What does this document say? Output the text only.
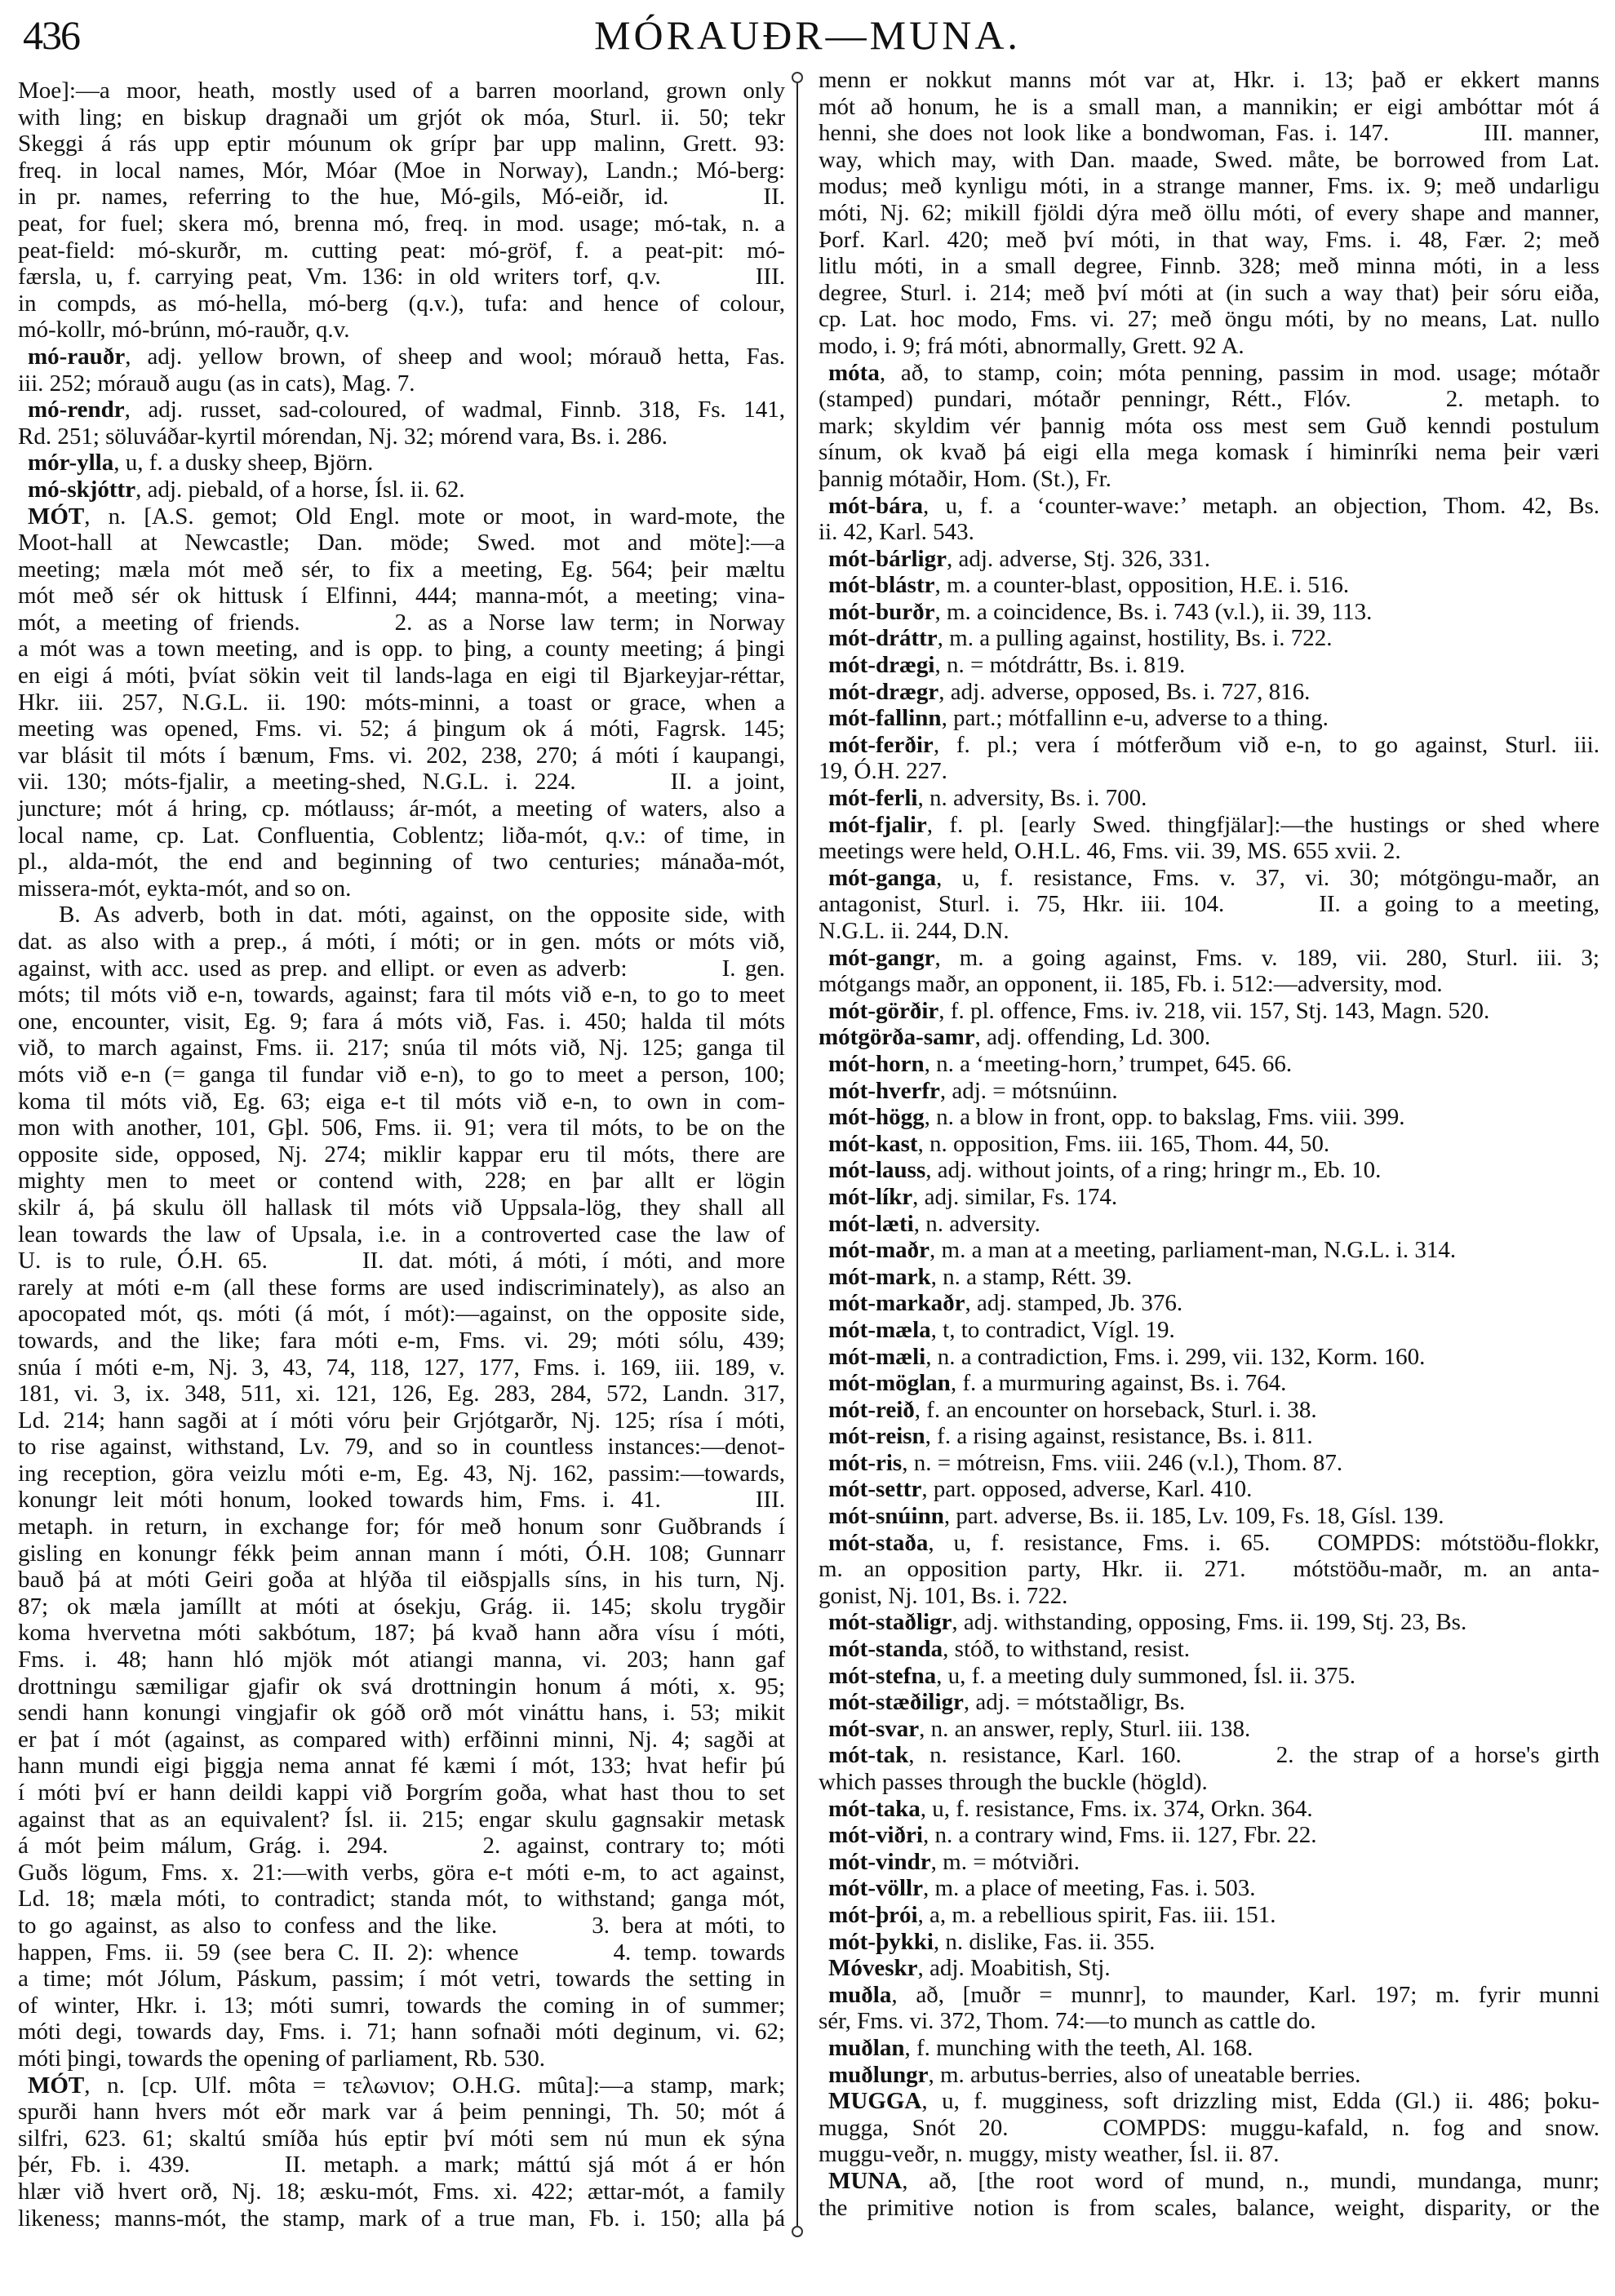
436	MÓRAUÐR—MUNA.
Moe]:—a moor, heath, mostly used of a barren moorland, grown only
with ling; en biskup dragnaði um grjót ok móa, Sturl. ii. 50; tekr
Skeggi á rás upp eptir móunum ok grípr þar upp malinn, Grett. 93:
freq. in local names, Mór, Móar (Moe in Norway), Landn.; Mó-berg:
in pr. names, referring to the hue, Mó-gils, Mó-eiðr, id.    II.
peat, for fuel; skera mó, brenna mó, freq. in mod. usage; mó-tak, n. a
peat-field: mó-skurðr, m. cutting peat: mó-gröf, f. a peat-pit: mó-
færsla, u, f. carrying peat, Vm. 136: in old writers torf, q.v.    III.
in compds, as mó-hella, mó-berg (q.v.), tufa: and hence of colour,
mó-kollr, mó-brúnn, mó-rauðr, q.v.
mó-rauðr, adj. yellow brown, of sheep and wool; mórauð hetta, Fas.
iii. 252; mórauð augu (as in cats), Mag. 7.
mó-rendr, adj. russet, sad-coloured, of wadmal, Finnb. 318, Fs. 141,
Rd. 251; söluváðar-kyrtil mórendan, Nj. 32; mórend vara, Bs. i. 286.
mór-ylla, u, f. a dusky sheep, Björn.
mó-skjóttr, adj. piebald, of a horse, Ísl. ii. 62.
MÓT, n. [A.S. gemot; Old Engl. mote or moot, in ward-mote, the
Moot-hall at Newcastle; Dan. möde; Swed. mot and möte]:—a
meeting; mæla mót með sér, to fix a meeting, Eg. 564; þeir mæltu
mót með sér ok hittusk í Elfinni, 444; manna-mót, a meeting; vina-
mót, a meeting of friends.    2. as a Norse law term; in Norway
a mót was a town meeting, and is opp. to þing, a county meeting; á þingi
en eigi á móti, þvíat sökin veit til lands-laga en eigi til Bjarkeyjar-réttar,
Hkr. iii. 257, N.G.L. ii. 190: móts-minni, a toast or grace, when a
meeting was opened, Fms. vi. 52; á þingum ok á móti, Fagrsk. 145;
var blásit til móts í bænum, Fms. vi. 202, 238, 270; á móti í kaupangi,
vii. 130; móts-fjalir, a meeting-shed, N.G.L. i. 224.    II. a joint,
juncture; mót á hring, cp. mótlauss; ár-mót, a meeting of waters, also a
local name, cp. Lat. Confluentia, Coblentz; liða-mót, q.v.: of time, in
pl., alda-mót, the end and beginning of two centuries; mánaða-mót,
missera-mót, eykta-mót, and so on.
B. As adverb, both in dat. móti, against, on the opposite side, with
dat. as also with a prep., á móti, í móti; or in gen. móts or móts við,
against, with acc. used as prep. and ellipt. or even as adverb:    I. gen.
móts; til móts við e-n, towards, against; fara til móts við e-n, to go to meet
one, encounter, visit, Eg. 9; fara á móts við, Fas. i. 450; halda til móts
við, to march against, Fms. ii. 217; snúa til móts við, Nj. 125; ganga til
móts við e-n (= ganga til fundar við e-n), to go to meet a person, 100;
koma til móts við, Eg. 63; eiga e-t til móts við e-n, to own in com-
mon with another, 101, Gþl. 506, Fms. ii. 91; vera til móts, to be on the
opposite side, opposed, Nj. 274; miklir kappar eru til móts, there are
mighty men to meet or contend with, 228; en þar allt er lögin
skilr á, þá skulu öll hallask til móts við Uppsala-lög, they shall all
lean towards the law of Upsala, i.e. in a controverted case the law of
U. is to rule, Ó.H. 65.    II. dat. móti, á móti, í móti, and more
rarely at móti e-m (all these forms are used indiscriminately), as also an
apocopated mót, qs. móti (á mót, í mót):—against, on the opposite side,
towards, and the like; fara móti e-m, Fms. vi. 29; móti sólu, 439;
snúa í móti e-m, Nj. 3, 43, 74, 118, 127, 177, Fms. i. 169, iii. 189, v.
181, vi. 3, ix. 348, 511, xi. 121, 126, Eg. 283, 284, 572, Landn. 317,
Ld. 214; hann sagði at í móti vóru þeir Grjótgarðr, Nj. 125; rísa í móti,
to rise against, withstand, Lv. 79, and so in countless instances:—denot-
ing reception, göra veizlu móti e-m, Eg. 43, Nj. 162, passim:—towards,
konungr leit móti honum, looked towards him, Fms. i. 41.    III.
metaph. in return, in exchange for; fór með honum sonr Guðbrands í
gisling en konungr fékk þeim annan mann í móti, Ó.H. 108; Gunnarr
bauð þá at móti Geiri goða at hlýða til eiðspjalls síns, in his turn, Nj.
87; ok mæla jamíllt at móti at ósekju, Grág. ii. 145; skolu trygðir
koma hvervetna móti sakbótum, 187; þá kvað hann aðra vísu í móti,
Fms. i. 48; hann hló mjök mót atiangi manna, vi. 203; hann gaf
drottningu sæmiligar gjafir ok svá drottningin honum á móti, x. 95;
sendi hann konungi vingjafir ok góð orð mót vináttu hans, i. 53; mikit
er þat í mót (against, as compared with) erfðinni minni, Nj. 4; sagði at
hann mundi eigi þiggja nema annat fé kæmi í mót, 133; hvat hefir þú
í móti því er hann deildi kappi við Þorgrím goða, what hast thou to set
against that as an equivalent? Ísl. ii. 215; engar skulu gagnsakir metask
á mót þeim málum, Grág. i. 294.    2. against, contrary to; móti
Guðs lögum, Fms. x. 21:—with verbs, göra e-t móti e-m, to act against,
Ld. 18; mæla móti, to contradict; standa mót, to withstand; ganga mót,
to go against, as also to confess and the like.    3. bera at móti, to
happen, Fms. ii. 59 (see bera C. II. 2): whence    4. temp. towards
a time; mót Jólum, Páskum, passim; í mót vetri, towards the setting in
of winter, Hkr. i. 13; móti sumri, towards the coming in of summer;
móti degi, towards day, Fms. i. 71; hann sofnaði móti deginum, vi. 62;
móti þingi, towards the opening of parliament, Rb. 530.
MÓT, n. [cp. Ulf. môta = τελωνιον; O.H.G. mûta]:—a stamp, mark;
spurði hann hvers mót eðr mark var á þeim penningi, Th. 50; mót á
silfri, 623. 61; skaltú smíða hús eptir því móti sem nú mun ek sýna
þér, Fb. i. 439.    II. metaph. a mark; máttú sjá mót á er hón
hlær við hvert orð, Nj. 18; æsku-mót, Fms. xi. 422; ættar-mót, a family
likeness; manns-mót, the stamp, mark of a true man, Fb. i. 150; alla þá
menn er nokkut manns mót var at, Hkr. i. 13; það er ekkert manns
mót að honum, he is a small man, a mannikin; er eigi ambóttar mót á
henni, she does not look like a bondwoman, Fas. i. 147.    III. manner,
way, which may, with Dan. maade, Swed. måte, be borrowed from Lat.
modus; með kynligu móti, in a strange manner, Fms. ix. 9; með undarligu
móti, Nj. 62; mikill fjöldi dýra með öllu móti, of every shape and manner,
Þorf. Karl. 420; með því móti, in that way, Fms. i. 48, Fær. 2; með
litlu móti, in a small degree, Finnb. 328; með minna móti, in a less
degree, Sturl. i. 214; með því móti at (in such a way that) þeir sóru eiða,
cp. Lat. hoc modo, Fms. vi. 27; með öngu móti, by no means, Lat. nullo
modo, i. 9; frá móti, abnormally, Grett. 92 A.
móta, að, to stamp, coin; móta penning, passim in mod. usage; mótaðr
(stamped) pundari, mótaðr penningr, Rétt., Flóv.    2. metaph. to
mark; skyldim vér þannig móta oss mest sem Guð kenndi postulum
sínum, ok kvað þá eigi ella mega komask í himinríki nema þeir væri
þannig mótaðir, Hom. (St.), Fr.
mót-bára, u, f. a ‘counter-wave:’ metaph. an objection, Thom. 42, Bs.
ii. 42, Karl. 543.
mót-bárligr, adj. adverse, Stj. 326, 331.
mót-blástr, m. a counter-blast, opposition, H.E. i. 516.
mót-burðr, m. a coincidence, Bs. i. 743 (v.l.), ii. 39, 113.
mót-dráttr, m. a pulling against, hostility, Bs. i. 722.
mót-drægi, n. = mótdráttr, Bs. i. 819.
mót-drægr, adj. adverse, opposed, Bs. i. 727, 816.
mót-fallinn, part.; mótfallinn e-u, adverse to a thing.
mót-ferðir, f. pl.; vera í mótferðum við e-n, to go against, Sturl. iii.
19, Ó.H. 227.
mót-ferli, n. adversity, Bs. i. 700.
mót-fjalir, f. pl. [early Swed. thingfjälar]:—the hustings or shed where
meetings were held, O.H.L. 46, Fms. vii. 39, MS. 655 xvii. 2.
mót-ganga, u, f. resistance, Fms. v. 37, vi. 30; mótgöngu-maðr, an
antagonist, Sturl. i. 75, Hkr. iii. 104.    II. a going to a meeting,
N.G.L. ii. 244, D.N.
mót-gangr, m. a going against, Fms. v. 189, vii. 280, Sturl. iii. 3;
mótgangs maðr, an opponent, ii. 185, Fb. i. 512:—adversity, mod.
mót-görðir, f. pl. offence, Fms. iv. 218, vii. 157, Stj. 143, Magn. 520.
mótgörða-samr, adj. offending, Ld. 300.
mót-horn, n. a ‘meeting-horn,’ trumpet, 645. 66.
mót-hverfr, adj. = mótsnúinn.
mót-högg, n. a blow in front, opp. to bakslag, Fms. viii. 399.
mót-kast, n. opposition, Fms. iii. 165, Thom. 44, 50.
mót-lauss, adj. without joints, of a ring; hringr m., Eb. 10.
mót-líkr, adj. similar, Fs. 174.
mót-læti, n. adversity.
mót-maðr, m. a man at a meeting, parliament-man, N.G.L. i. 314.
mót-mark, n. a stamp, Rétt. 39.
mót-markaðr, adj. stamped, Jb. 376.
mót-mæla, t, to contradict, Vígl. 19.
mót-mæli, n. a contradiction, Fms. i. 299, vii. 132, Korm. 160.
mót-möglan, f. a murmuring against, Bs. i. 764.
mót-reið, f. an encounter on horseback, Sturl. i. 38.
mót-reisn, f. a rising against, resistance, Bs. i. 811.
mót-ris, n. = mótreisn, Fms. viii. 246 (v.l.), Thom. 87.
mót-settr, part. opposed, adverse, Karl. 410.
mót-snúinn, part. adverse, Bs. ii. 185, Lv. 109, Fs. 18, Gísl. 139.
mót-staða, u, f. resistance, Fms. i. 65.  COMPDS: mótstöðu-flokkr,
m. an opposition party, Hkr. ii. 271.  mótstöðu-maðr, m. an anta-
gonist, Nj. 101, Bs. i. 722.
mót-staðligr, adj. withstanding, opposing, Fms. ii. 199, Stj. 23, Bs.
mót-standa, stóð, to withstand, resist.
mót-stefna, u, f. a meeting duly summoned, Ísl. ii. 375.
mót-stæðiligr, adj. = mótstaðligr, Bs.
mót-svar, n. an answer, reply, Sturl. iii. 138.
mót-tak, n. resistance, Karl. 160.    2. the strap of a horse's girth
which passes through the buckle (högld).
mót-taka, u, f. resistance, Fms. ix. 374, Orkn. 364.
mót-viðri, n. a contrary wind, Fms. ii. 127, Fbr. 22.
mót-vindr, m. = mótviðri.
mót-völlr, m. a place of meeting, Fas. i. 503.
mót-þrói, a, m. a rebellious spirit, Fas. iii. 151.
mót-þykki, n. dislike, Fas. ii. 355.
Móveskr, adj. Moabitish, Stj.
muðla, að, [muðr = munnr], to maunder, Karl. 197; m. fyrir munni
sér, Fms. vi. 372, Thom. 74:—to munch as cattle do.
muðlan, f. munching with the teeth, Al. 168.
muðlungr, m. arbutus-berries, also of uneatable berries.
MUGGA, u, f. mugginess, soft drizzling mist, Edda (Gl.) ii. 486; þoku-
mugga, Snót 20.    COMPDS: muggu-kafald, n. fog and snow.
muggu-veðr, n. muggy, misty weather, Ísl. ii. 87.
MUNA, að, [the root word of mund, n., mundi, mundanga, munr;
the primitive notion is from scales, balance, weight, disparity, or the
